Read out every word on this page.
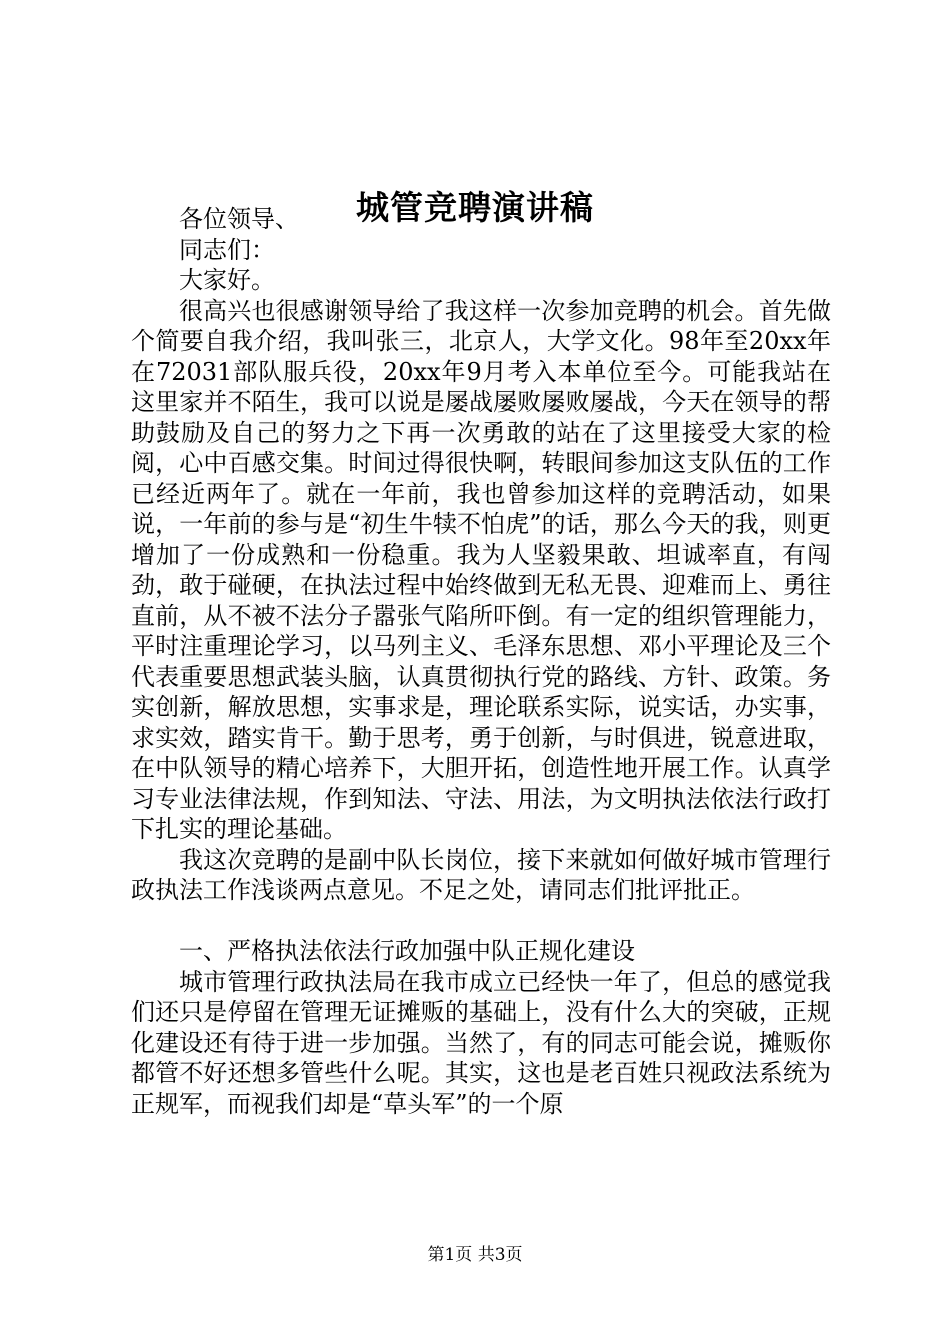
城管竞聘演讲稿

各位领导、

同志们：

大家好。

很高兴也很感谢领导给了我这样一次参加竞聘的机会。首先做个简要自我介绍，我叫张三，北京人，大学文化。98年至20xx年在72031部队服兵役，20xx年9月考入本单位至今。可能我站在这里家并不陌生，我可以说是屡战屡败屡败屡战，今天在领导的帮助鼓励及自己的努力之下再一次勇敢的站在了这里接受大家的检阅，心中百感交集。时间过得很快啊，转眼间参加这支队伍的工作已经近两年了。就在一年前，我也曾参加这样的竞聘活动，如果说，一年前的参与是“初生牛犊不怕虎”的话，那么今天的我，则更增加了一份成熟和一份稳重。我为人坚毅果敢、坦诚率直，有闯劲，敢于碰硬，在执法过程中始终做到无私无畏、迎难而上、勇往直前，从不被不法分子嚣张气陷所吓倒。有一定的组织管理能力，平时注重理论学习，以马列主义、毛泽东思想、邓小平理论及三个代表重要思想武装头脑，认真贯彻执行党的路线、方针、政策。务实创新，解放思想，实事求是，理论联系实际，说实话，办实事，求实效，踏实肯干。勤于思考，勇于创新，与时俱进，锐意进取，在中队领导的精心培养下，大胆开拓，创造性地开展工作。认真学习专业法律法规，作到知法、守法、用法，为文明执法依法行政打下扎实的理论基础。

我这次竞聘的是副中队长岗位，接下来就如何做好城市管理行政执法工作浅谈两点意见。不足之处，请同志们批评批正。

一、严格执法依法行政加强中队正规化建设

城市管理行政执法局在我市成立已经快一年了，但总的感觉我们还只是停留在管理无证摊贩的基础上，没有什么大的突破，正规化建设还有待于进一步加强。当然了，有的同志可能会说，摊贩你都管不好还想多管些什么呢。其实，这也是老百姓只视政法系统为正规军，而视我们却是“草头军”的一个原

第1页 共3页
